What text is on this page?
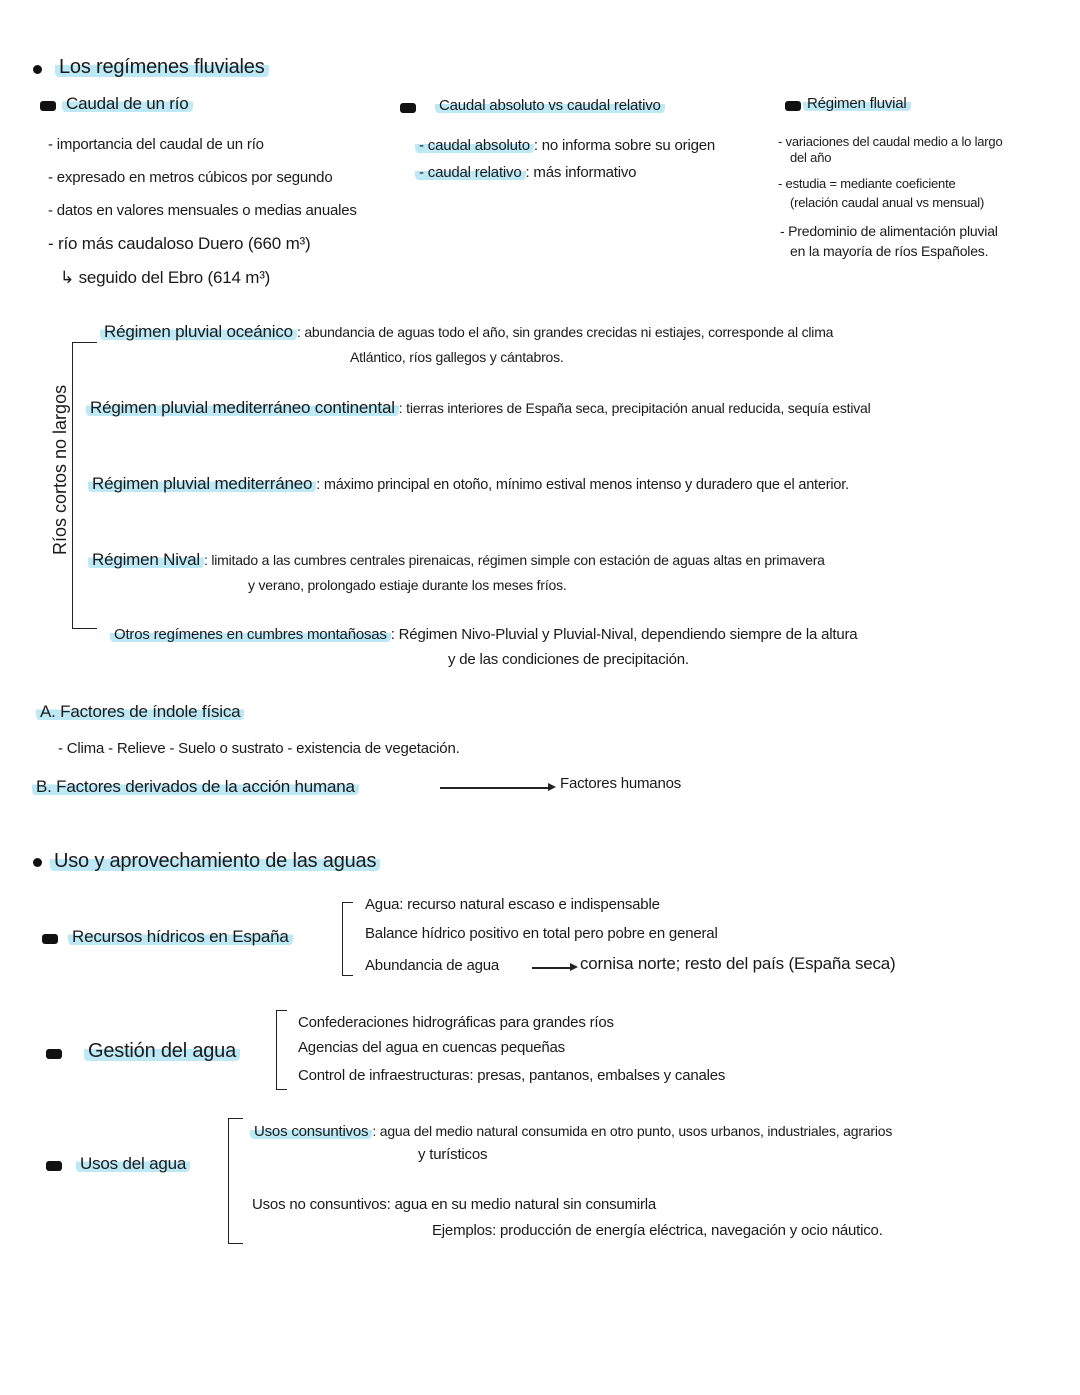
Los regímenes fluviales
Caudal de un río
- importancia del caudal de un río
- expresado en metros cúbicos por segundo
- datos en valores mensuales o medias anuales
- río más caudaloso Duero (660 m³)
↳ seguido del Ebro (614 m³)
Caudal absoluto vs caudal relativo
- caudal absoluto : no informa sobre su origen
- caudal relativo : más informativo
Régimen fluvial
- variaciones del caudal medio a lo largo
del año
- estudia = mediante coeficiente
(relación caudal anual vs mensual)
- Predominio de alimentación pluvial
en la mayoría de ríos Españoles.
Ríos cortos no largos
Régimen pluvial oceánico : abundancia de aguas todo el año, sin grandes crecidas ni estiajes, corresponde al clima
Atlántico, ríos gallegos y cántabros.
Régimen pluvial mediterráneo continental : tierras interiores de España seca, precipitación anual reducida, sequía estival
Régimen pluvial mediterráneo : máximo principal en otoño, mínimo estival menos intenso y duradero que el anterior.
Régimen Nival : limitado a las cumbres centrales pirenaicas, régimen simple con estación de aguas altas en primavera
y verano, prolongado estiaje durante los meses fríos.
Otros regímenes en cumbres montañosas : Régimen Nivo-Pluvial y Pluvial-Nival, dependiendo siempre de la altura
y de las condiciones de precipitación.
A. Factores de índole física
- Clima - Relieve - Suelo o sustrato - existencia de vegetación.
B. Factores derivados de la acción humana	Factores humanos
Uso y aprovechamiento de las aguas
Recursos hídricos en España
Agua: recurso natural escaso e indispensable
Balance hídrico positivo en total pero pobre en general
Abundancia de agua	cornisa norte; resto del país (España seca)
Gestión del agua
Confederaciones hidrográficas para grandes ríos
Agencias del agua en cuencas pequeñas
Control de infraestructuras: presas, pantanos, embalses y canales
Usos del agua
Usos consuntivos : agua del medio natural consumida en otro punto, usos urbanos, industriales, agrarios
y turísticos
Usos no consuntivos: agua en su medio natural sin consumirla
Ejemplos: producción de energía eléctrica, navegación y ocio náutico.
